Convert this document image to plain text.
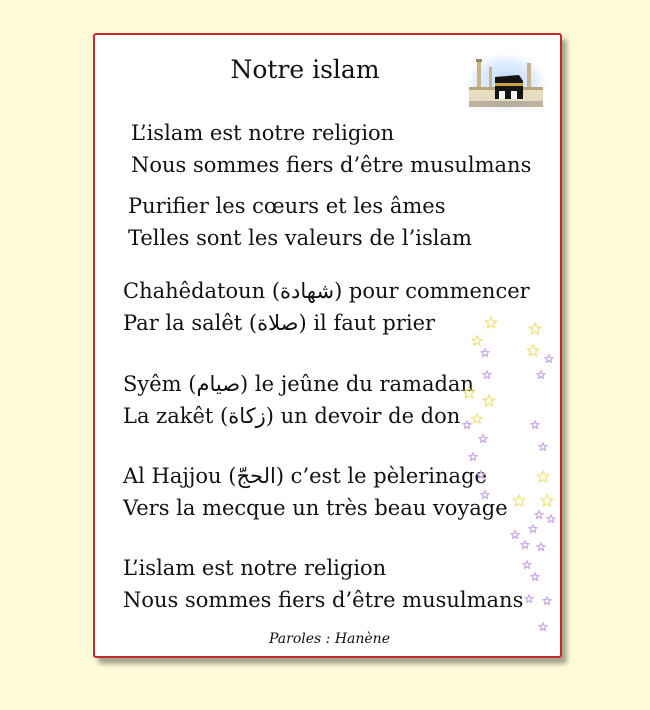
Notre islam
L’islam est notre religion
Nous sommes fiers d’être musulmans
Purifier les cœurs et les âmes
Telles sont les valeurs de l’islam
Chahêdatoun (شهادة) pour commencer
Par la salêt (صلاة) il faut prier
Syêm (صيام) le jeûne du ramadan
La zakêt (زكاة) un devoir de don
Al Hajjou (الحجّ) c’est le pèlerinage
Vers la mecque un très beau voyage
L’islam est notre religion
Nous sommes fiers d’être musulmans
Paroles : Hanène
